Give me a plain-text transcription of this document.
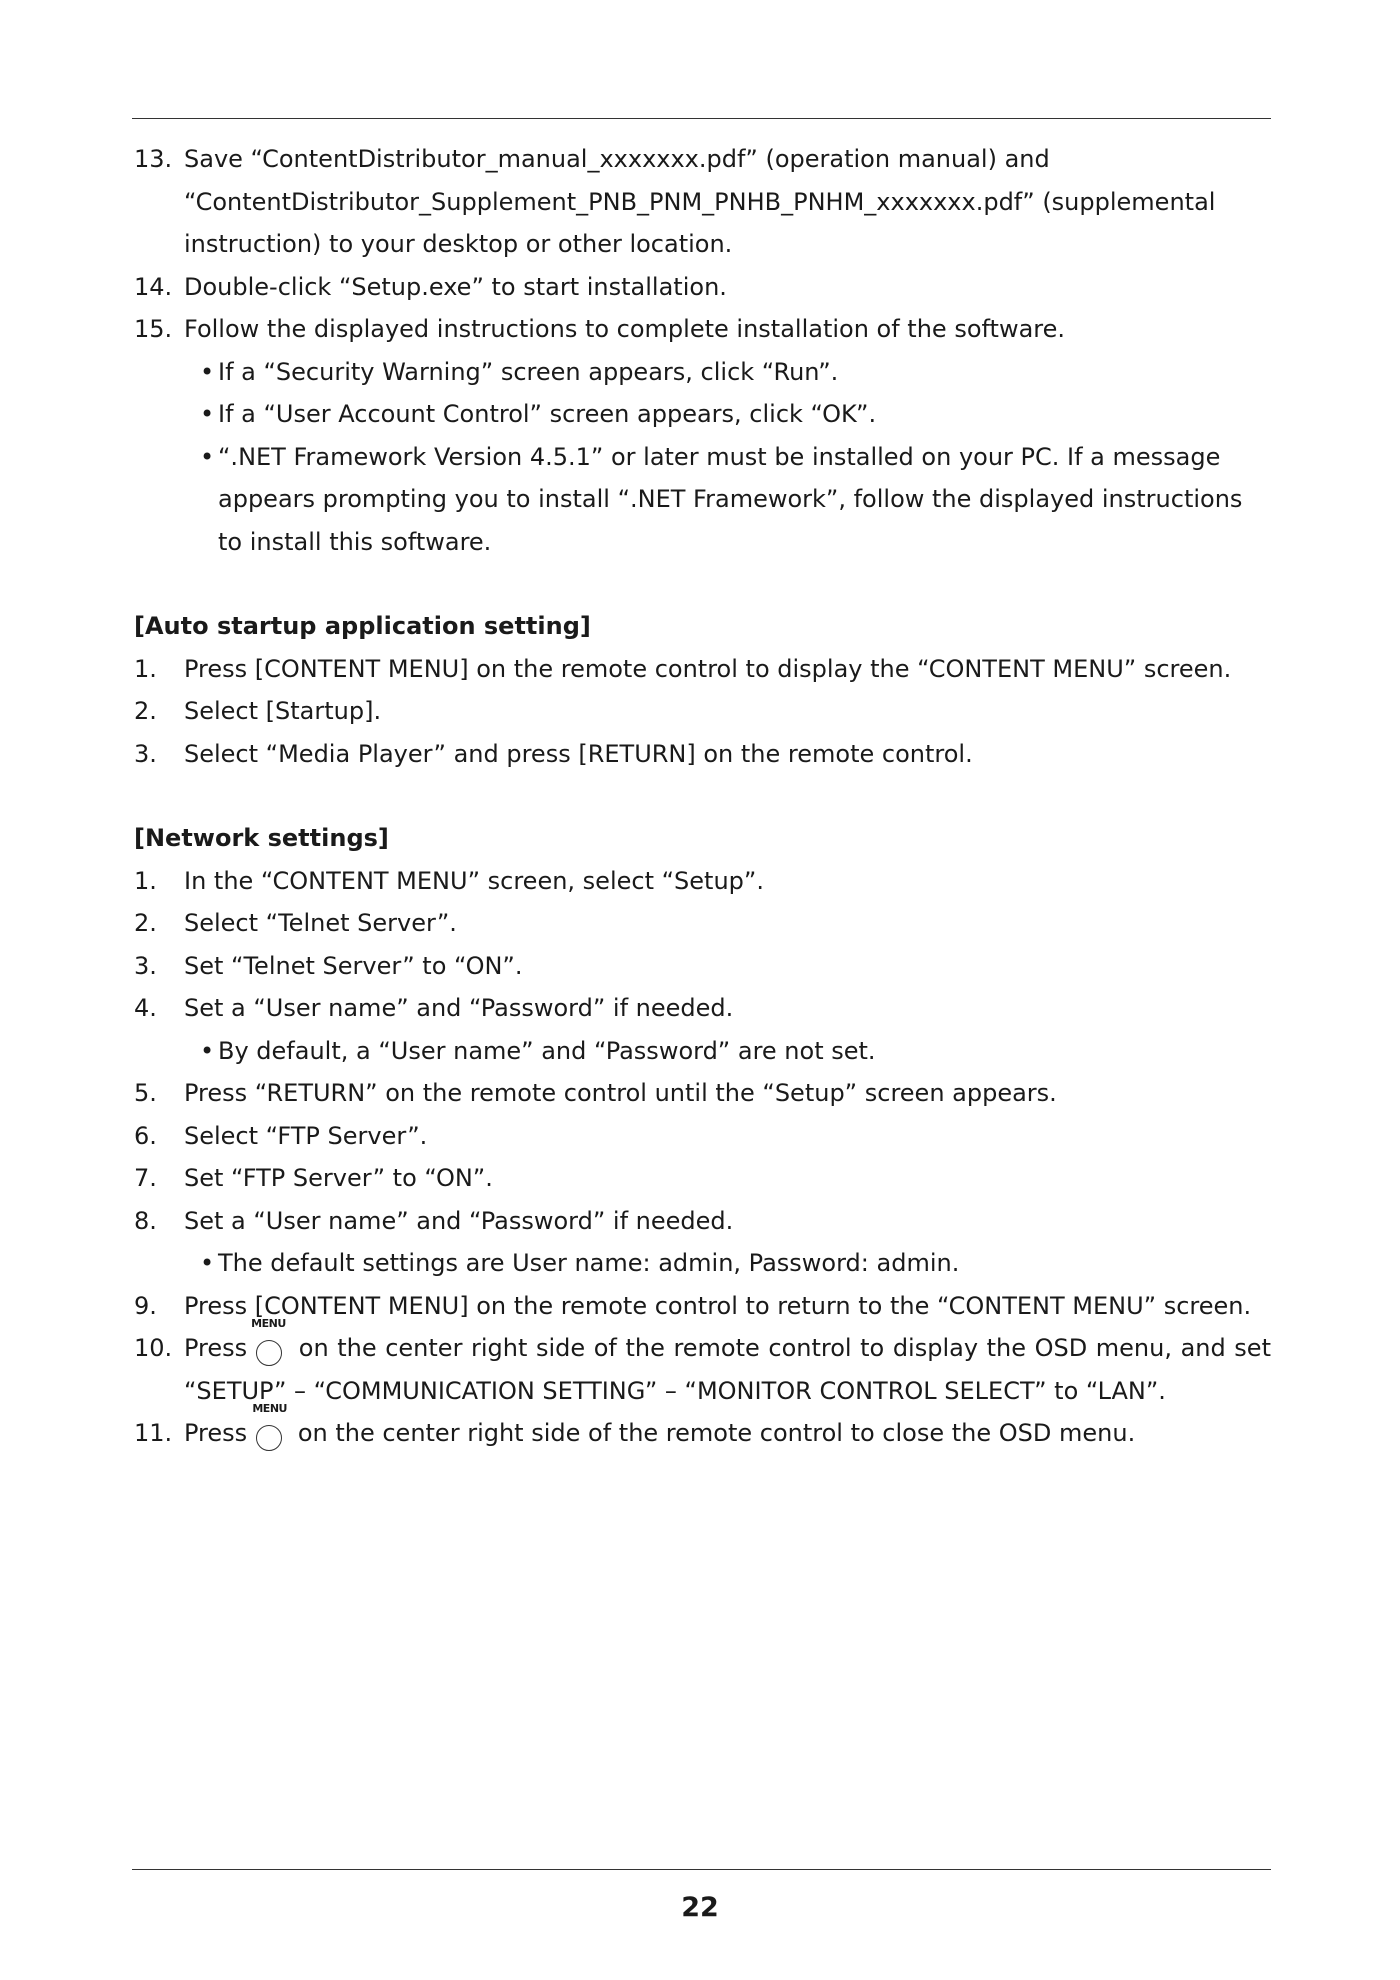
13. Save “ContentDistributor_manual_xxxxxxx.pdf” (operation manual) and
“ContentDistributor_Supplement_PNB_PNM_PNHB_PNHM_xxxxxxx.pdf” (supplemental
instruction) to your desktop or other location.
14. Double-click “Setup.exe” to start installation.
15. Follow the displayed instructions to complete installation of the software.
• If a “Security Warning” screen appears, click “Run”.
• If a “User Account Control” screen appears, click “OK”.
• “.NET Framework Version 4.5.1” or later must be installed on your PC. If a message appears prompting you to install “.NET Framework”, follow the displayed instructions to install this software.
[Auto startup application setting]
1. Press [CONTENT MENU] on the remote control to display the “CONTENT MENU” screen.
2. Select [Startup].
3. Select “Media Player” and press [RETURN] on the remote control.
[Network settings]
1. In the “CONTENT MENU” screen, select “Setup”.
2. Select “Telnet Server”.
3. Set “Telnet Server” to “ON”.
4. Set a “User name” and “Password” if needed.
• By default, a “User name” and “Password” are not set.
5. Press “RETURN” on the remote control until the “Setup” screen appears.
6. Select “FTP Server”.
7. Set “FTP Server” to “ON”.
8. Set a “User name” and “Password” if needed.
• The default settings are User name: admin, Password: admin.
9. Press [CONTENT MENU] on the remote control to return to the “CONTENT MENU” screen.
10. Press
MENU
on the center right side of the remote control to display the OSD menu, and set
“SETUP” – “COMMUNICATION SETTING” – “MONITOR CONTROL SELECT” to “LAN”.
11. Press
MENU
on the center right side of the remote control to close the OSD menu.
22
